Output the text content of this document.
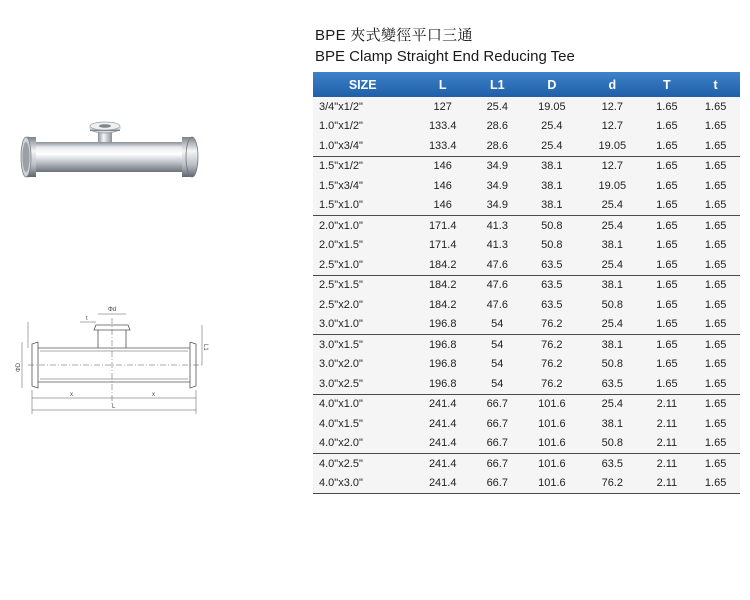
BPE 夾式變徑平口三通
BPE Clamp Straight End Reducing Tee
Φd
t
ΦD
L1
x	x
L
SIZE	L	L1	D	d	T	t
3/4"x1/2"	127	25.4	19.05	12.7	1.65	1.65
1.0"x1/2"	133.4	28.6	25.4	12.7	1.65	1.65
1.0"x3/4"	133.4	28.6	25.4	19.05	1.65	1.65
1.5"x1/2"	146	34.9	38.1	12.7	1.65	1.65
1.5"x3/4"	146	34.9	38.1	19.05	1.65	1.65
1.5"x1.0"	146	34.9	38.1	25.4	1.65	1.65
2.0"x1.0"	171.4	41.3	50.8	25.4	1.65	1.65
2.0"x1.5"	171.4	41.3	50.8	38.1	1.65	1.65
2.5"x1.0"	184.2	47.6	63.5	25.4	1.65	1.65
2.5"x1.5"	184.2	47.6	63.5	38.1	1.65	1.65
2.5"x2.0"	184.2	47.6	63.5	50.8	1.65	1.65
3.0"x1.0"	196.8	54	76.2	25.4	1.65	1.65
3.0"x1.5"	196.8	54	76.2	38.1	1.65	1.65
3.0"x2.0"	196.8	54	76.2	50.8	1.65	1.65
3.0"x2.5"	196.8	54	76.2	63.5	1.65	1.65
4.0"x1.0"	241.4	66.7	101.6	25.4	2.11	1.65
4.0"x1.5"	241.4	66.7	101.6	38.1	2.11	1.65
4.0"x2.0"	241.4	66.7	101.6	50.8	2.11	1.65
4.0"x2.5"	241.4	66.7	101.6	63.5	2.11	1.65
4.0"x3.0"	241.4	66.7	101.6	76.2	2.11	1.65
